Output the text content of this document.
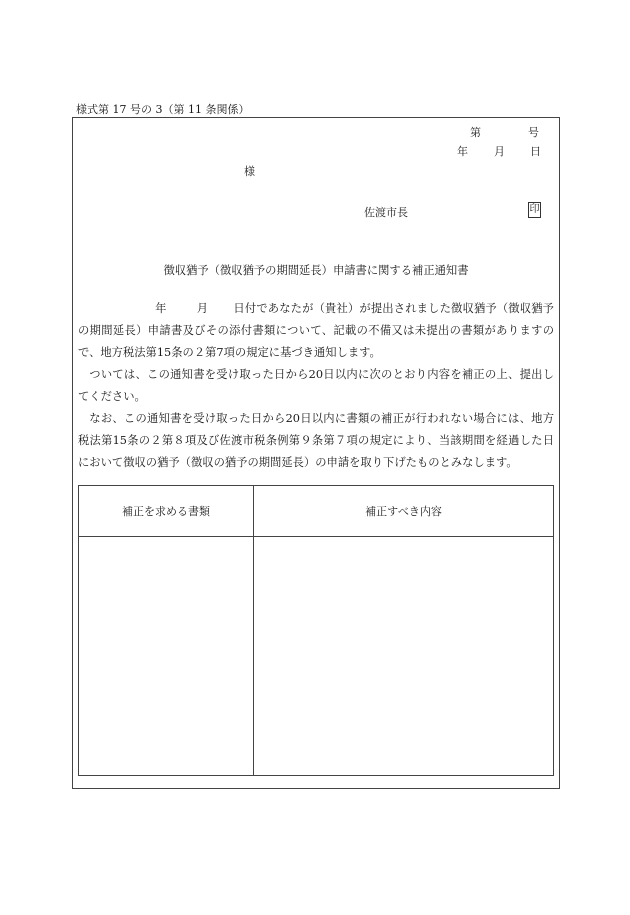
様式第 17 号の 3（第 11 条関係）
第	号
年 月 日
様
佐渡市長	印
徴収猶予（徴収猶予の期間延長）申請書に関する補正通知書

年	月 日付であなたが（貴社）が提出されました徴収猶予（徴収猶予の期間延長）申請書及びその添付書類について、記載の不備又は未提出の書類がありますので、地方税法第15条の２第7項の規定に基づき通知します。

ついては、この通知書を受け取った日から20日以内に次のとおり内容を補正の上、提出してください。

なお、この通知書を受け取った日から20日以内に書類の補正が行われない場合には、地方税法第15条の２第８項及び佐渡市税条例第９条第７項の規定により、当該期間を経過した日において徴収の猶予（徴収の猶予の期間延長）の申請を取り下げたものとみなします。

補正を求める書類	補正すべき内容
